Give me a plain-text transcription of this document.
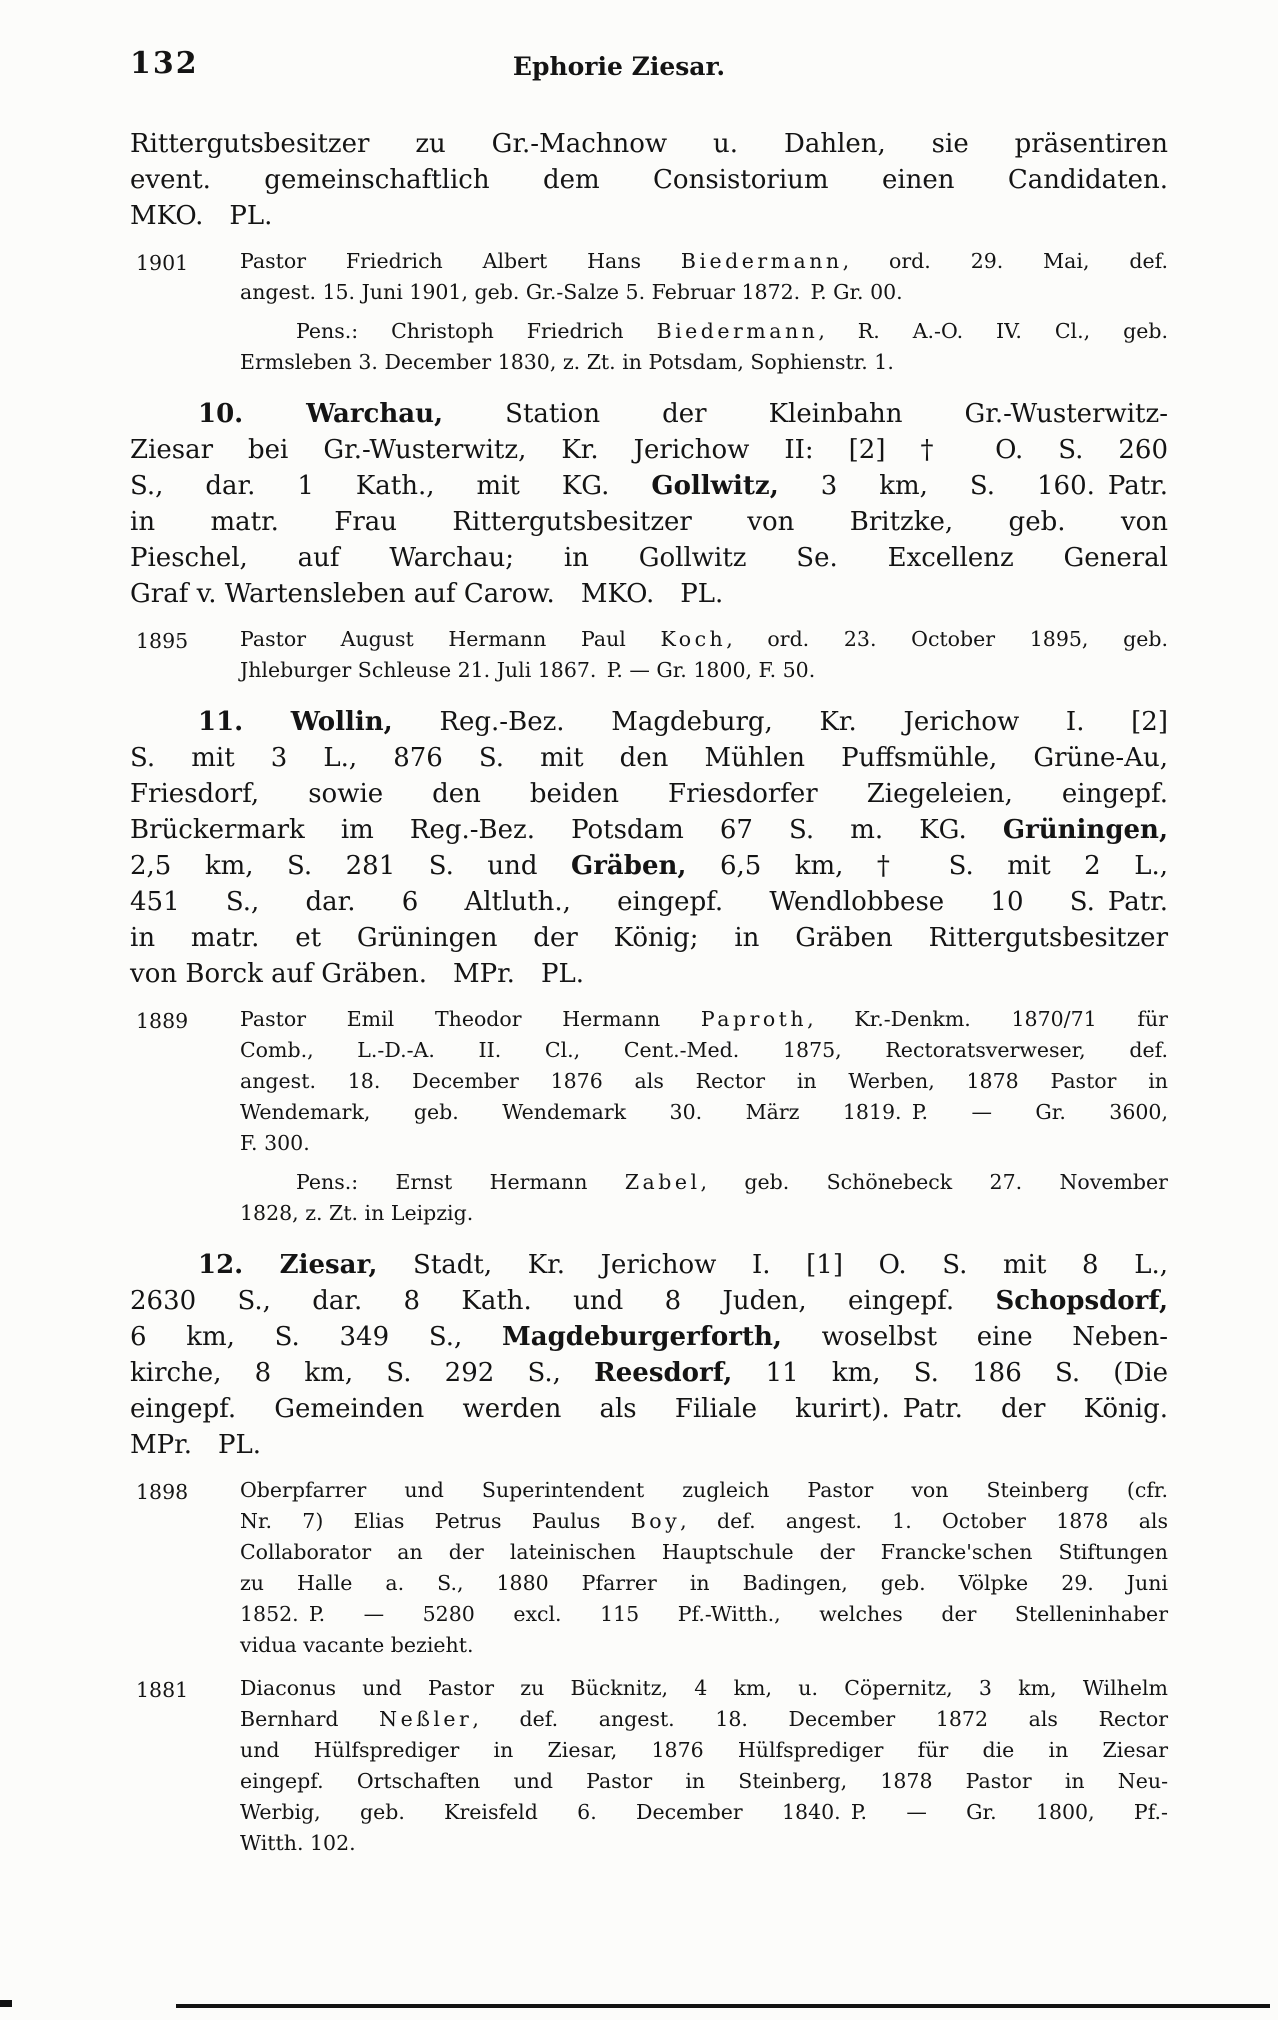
132	Ephorie Ziesar.
Rittergutsbesitzer zu Gr.-Machnow u. Dahlen, sie präsentiren
event. gemeinschaftlich dem Consistorium einen Candidaten.
MKO. PL.
1901	Pastor Friedrich Albert Hans Biedermann, ord. 29. Mai, def.
angest. 15. Juni 1901, geb. Gr.-Salze 5. Februar 1872. P. Gr. 00.
Pens.: Christoph Friedrich Biedermann, R. A.-O. IV. Cl., geb.
Ermsleben 3. December 1830, z. Zt. in Potsdam, Sophienstr. 1.
10. Warchau, Station der Kleinbahn Gr.-Wusterwitz-
Ziesar bei Gr.-Wusterwitz, Kr. Jerichow II: [2] † O. S. 260
S., dar. 1 Kath., mit KG. Gollwitz, 3 km, S. 160. Patr.
in matr. Frau Rittergutsbesitzer von Britzke, geb. von
Pieschel, auf Warchau; in Gollwitz Se. Excellenz General
Graf v. Wartensleben auf Carow. MKO. PL.
1895	Pastor August Hermann Paul Koch, ord. 23. October 1895, geb.
Jhleburger Schleuse 21. Juli 1867. P. — Gr. 1800, F. 50.
11. Wollin, Reg.-Bez. Magdeburg, Kr. Jerichow I. [2]
S. mit 3 L., 876 S. mit den Mühlen Puffsmühle, Grüne-Au,
Friesdorf, sowie den beiden Friesdorfer Ziegeleien, eingepf.
Brückermark im Reg.-Bez. Potsdam 67 S. m. KG. Grüningen,
2,5 km, S. 281 S. und Gräben, 6,5 km, † S. mit 2 L.,
451 S., dar. 6 Altluth., eingepf. Wendlobbese 10 S. Patr.
in matr. et Grüningen der König; in Gräben Rittergutsbesitzer
von Borck auf Gräben. MPr. PL.
1889	Pastor Emil Theodor Hermann Paproth, Kr.-Denkm. 1870/71 für
Comb., L.-D.-A. II. Cl., Cent.-Med. 1875, Rectoratsverweser, def.
angest. 18. December 1876 als Rector in Werben, 1878 Pastor in
Wendemark, geb. Wendemark 30. März 1819. P. — Gr. 3600,
F. 300.
Pens.: Ernst Hermann Zabel, geb. Schönebeck 27. November
1828, z. Zt. in Leipzig.
12. Ziesar, Stadt, Kr. Jerichow I. [1] O. S. mit 8 L.,
2630 S., dar. 8 Kath. und 8 Juden, eingepf. Schopsdorf,
6 km, S. 349 S., Magdeburgerforth, woselbst eine Neben-
kirche, 8 km, S. 292 S., Reesdorf, 11 km, S. 186 S. (Die
eingepf. Gemeinden werden als Filiale kurirt). Patr. der König.
MPr. PL.
1898	Oberpfarrer und Superintendent zugleich Pastor von Steinberg (cfr.
Nr. 7) Elias Petrus Paulus Boy, def. angest. 1. October 1878 als
Collaborator an der lateinischen Hauptschule der Francke'schen Stiftungen
zu Halle a. S., 1880 Pfarrer in Badingen, geb. Völpke 29. Juni
1852. P. — 5280 excl. 115 Pf.-Witth., welches der Stelleninhaber
vidua vacante bezieht.
1881	Diaconus und Pastor zu Bücknitz, 4 km, u. Cöpernitz, 3 km, Wilhelm
Bernhard Neßler, def. angest. 18. December 1872 als Rector
und Hülfsprediger in Ziesar, 1876 Hülfsprediger für die in Ziesar
eingepf. Ortschaften und Pastor in Steinberg, 1878 Pastor in Neu-
Werbig, geb. Kreisfeld 6. December 1840. P. — Gr. 1800, Pf.-
Witth. 102.
